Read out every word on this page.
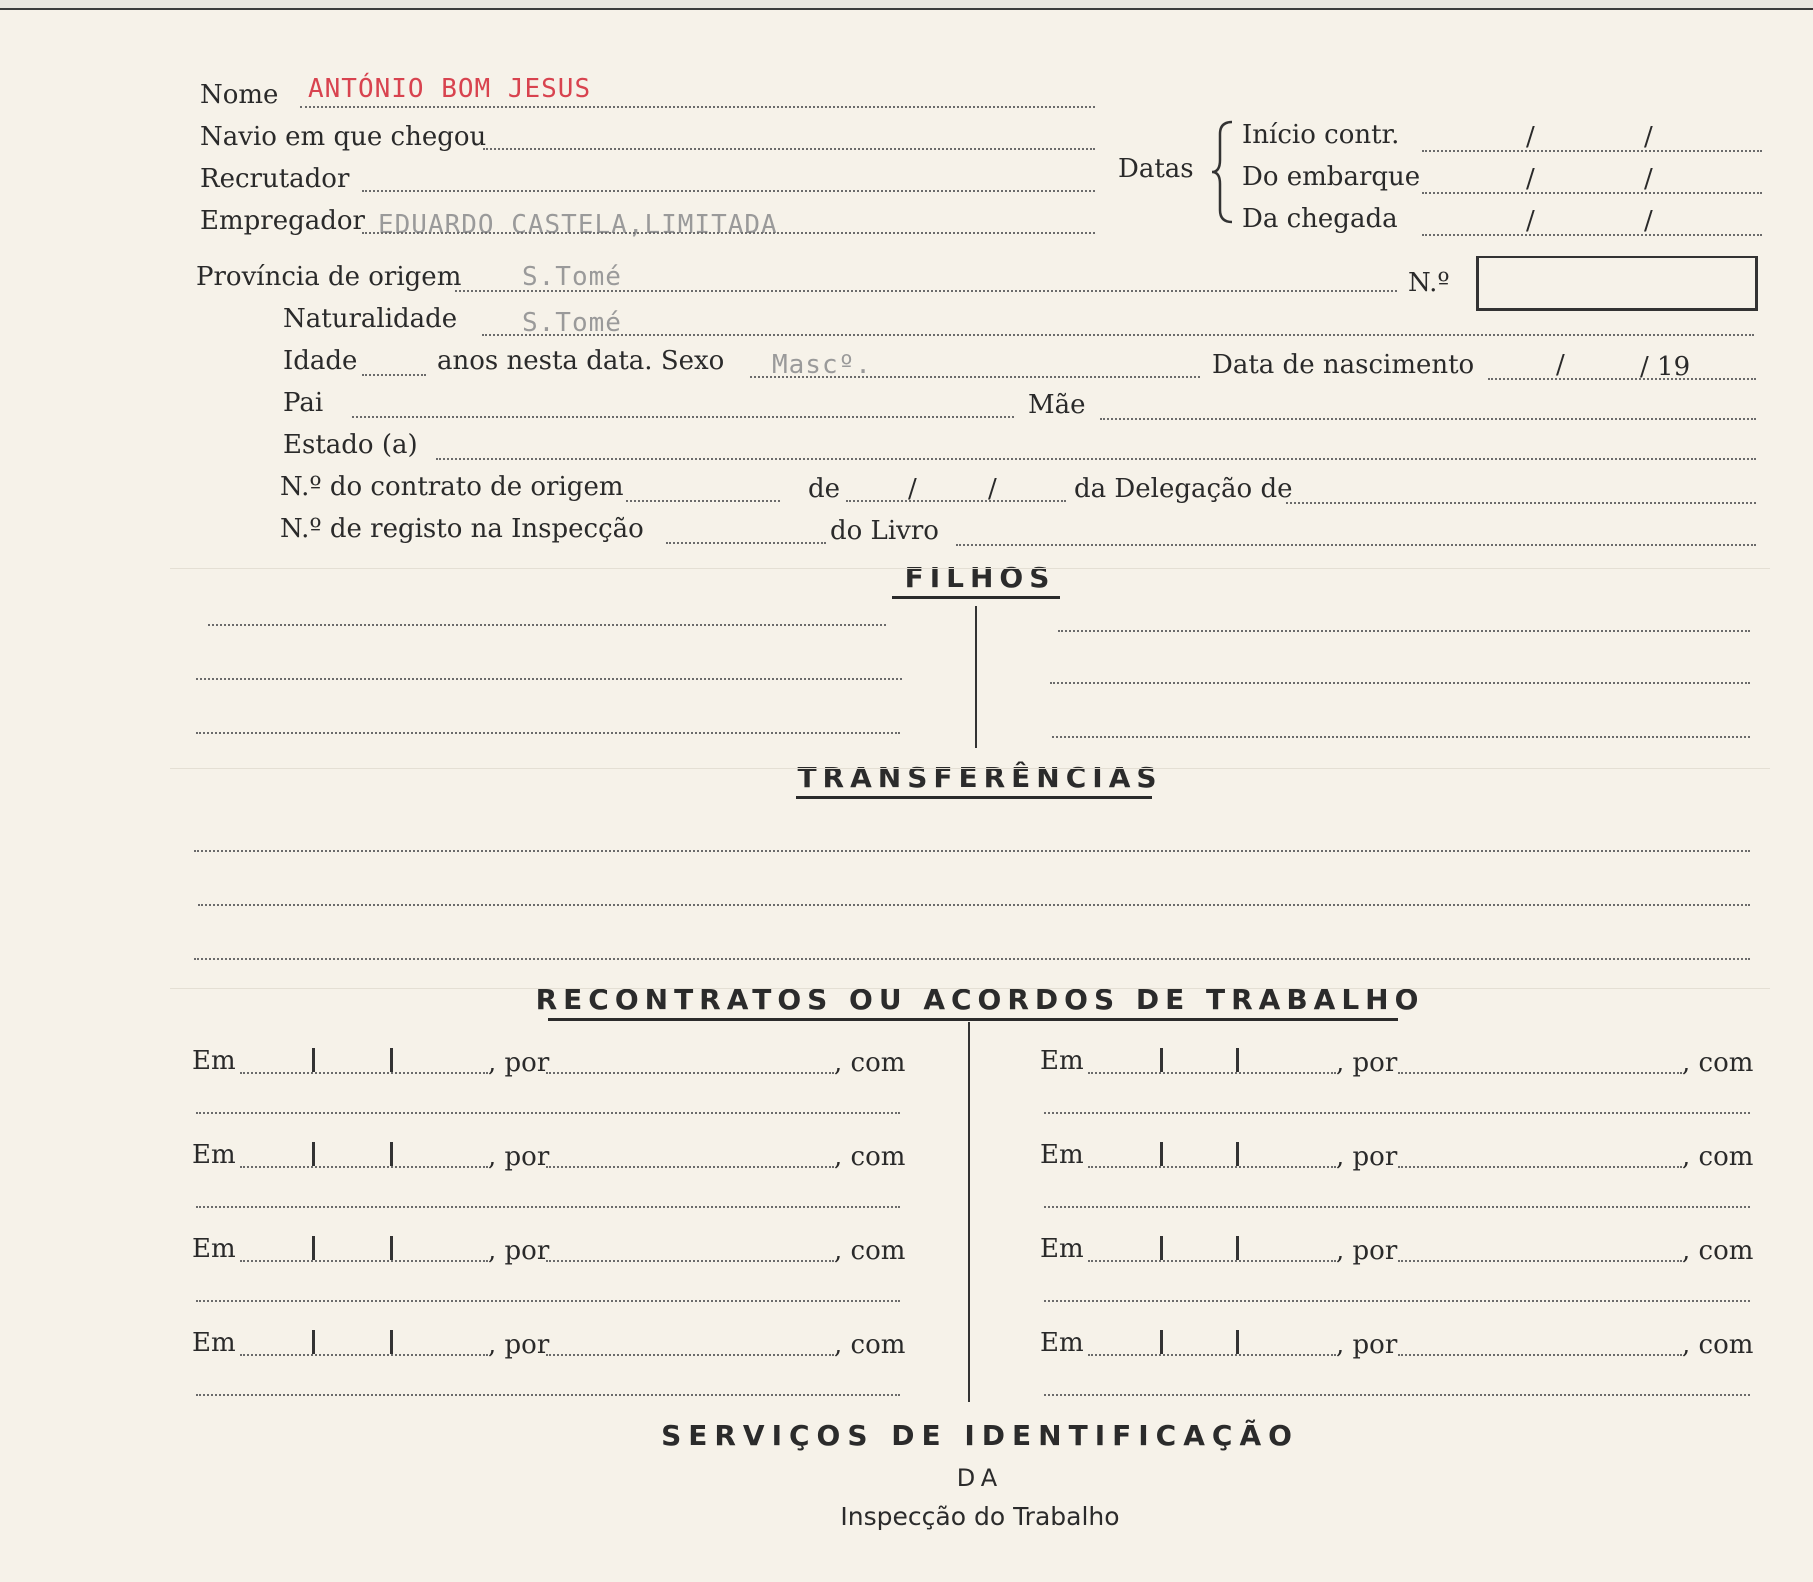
Nome ANTÓNIO BOM JESUS
Navio em que chegou
Recrutador
Empregador EDUARDO CASTELA,LIMITADA
Datas
Início contr.	/	/
Do embarque	/	/
Da chegada	/	/
Província de origem S.Tomé	N.º
Naturalidade S.Tomé
Idade	anos nesta data. Sexo Mascº.	Data de nascimento	/	/ 19
Pai	Mãe
Estado (a)
N.º do contrato de origem	de	/	/	da Delegação de
N.º de registo na Inspecção	do Livro
FILHOS
TRANSFERÊNCIAS
RECONTRATOS OU ACORDOS DE TRABALHO
Em	, por	, com
Em	, por	, com
Em	, por	, com
Em	, por	, com
Em	, por	, com
Em	, por	, com
Em	, por	, com
Em	, por	, com
SERVIÇOS DE IDENTIFICAÇÃO
DA
Inspecção do Trabalho
